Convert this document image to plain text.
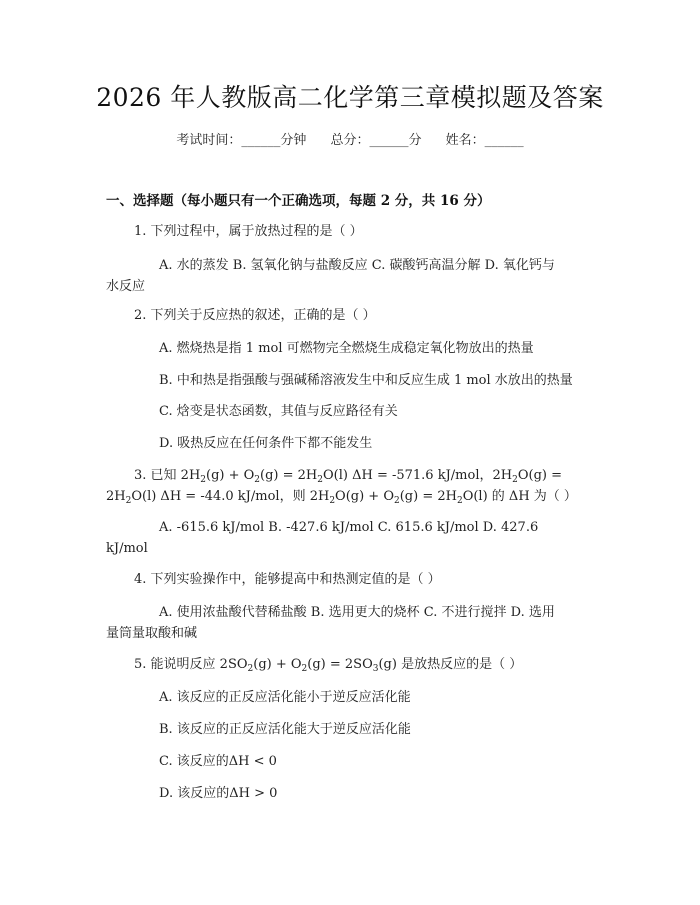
2026 年人教版高二化学第三章模拟题及答案
考试时间：______分钟 总分：______分 姓名：______
一、选择题（每小题只有一个正确选项，每题 2 分，共 16 分）
1. 下列过程中，属于放热过程的是（ ）
A. 水的蒸发 B. 氢氧化钠与盐酸反应 C. 碳酸钙高温分解 D. 氧化钙与
水反应
2. 下列关于反应热的叙述，正确的是（ ）
A. 燃烧热是指 1 mol 可燃物完全燃烧生成稳定氧化物放出的热量
B. 中和热是指强酸与强碱稀溶液发生中和反应生成 1 mol 水放出的热量
C. 焓变是状态函数，其值与反应路径有关
D. 吸热反应在任何条件下都不能发生
3. 已知 $2H_2(g) + O_2(g) = 2H_2O(l) \Delta H = -571.6$ kJ/mol，$2H_2O(g)$ =
$2H_2O(l) \Delta H = -44.0$ kJ/mol，则 $2H_2O(g) + O_2(g) = 2H_2O(l)$ 的 ΔH 为（ ）
A. -615.6 kJ/mol B. -427.6 kJ/mol C. 615.6 kJ/mol D. 427.6
kJ/mol
4. 下列实验操作中，能够提高中和热测定值的是（ ）
A. 使用浓盐酸代替稀盐酸 B. 选用更大的烧杯 C. 不进行搅拌 D. 选用
量筒量取酸和碱
5. 能说明反应 $2SO_2(g) + O_2(g) = 2SO_3(g)$ 是放热反应的是（ ）
A. 该反应的正反应活化能小于逆反应活化能
B. 该反应的正反应活化能大于逆反应活化能
C. 该反应的ΔH < 0
D. 该反应的ΔH > 0
